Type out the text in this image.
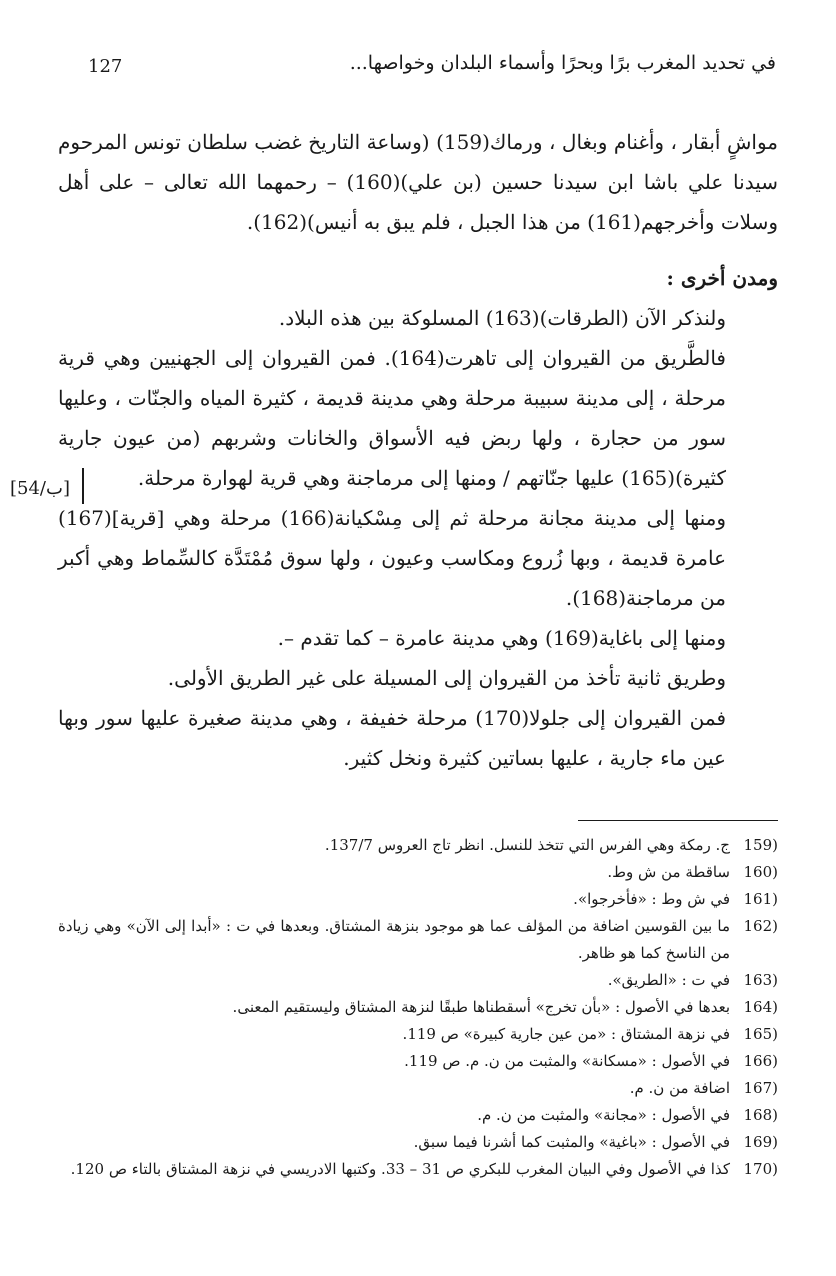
في تحديد المغرب برًا وبحرًا وأسماء البلدان وخواصها...
127
[54/ب]

مواشٍ أبقار ، وأغنام وبغال ، ورماك(159) (وساعة التاريخ غضب سلطان تونس المرحوم سيدنا علي باشا ابن سيدنا حسين (بن علي)(160) – رحمهما الله تعالى – على أهل وسلات وأخرجهم(161) من هذا الجبل ، فلم يبق به أنيس)(162).

ومدن أخرى :

ولنذكر الآن (الطرقات)(163) المسلوكة بين هذه البلاد.

فالطَّريق من القيروان إلى تاهرت(164). فمن القيروان إلى الجهنيين وهي قرية مرحلة ، إلى مدينة سبيبة مرحلة وهي مدينة قديمة ، كثيرة المياه والجنّات ، وعليها سور من حجارة ، ولها ربض فيه الأسواق والخانات وشربهم (من عيون جارية كثيرة)(165) عليها جنّاتهم / ومنها إلى مرماجنة وهي قرية لهوارة مرحلة.

ومنها إلى مدينة مجانة مرحلة ثم إلى مِسْكيانة(166) مرحلة وهي [قرية](167) عامرة قديمة ، وبها زُروع ومكاسب وعيون ، ولها سوق مُمْتَدَّة كالسِّماط وهي أكبر من مرماجنة(168).

ومنها إلى باغاية(169) وهي مدينة عامرة – كما تقدم –.

وطريق ثانية تأخذ من القيروان إلى المسيلة على غير الطريق الأولى.

فمن القيروان إلى جلولا(170) مرحلة خفيفة ، وهي مدينة صغيرة عليها سور وبها عين ماء جارية ، عليها بساتين كثيرة ونخل كثير.

(159
ج. رمكة وهي الفرس التي تتخذ للنسل. انظر تاج العروس 137/7.
(160
ساقطة من ش وط.
(161
في ش وط : «فأخرجوا».
(162
ما بين القوسين اضافة من المؤلف عما هو موجود بنزهة المشتاق. وبعدها في ت : «أبدا إلى الآن» وهي زيادة من الناسخ كما هو ظاهر.
(163
في ت : «الطريق».
(164
بعدها في الأصول : «بأن تخرج» أسقطناها طبقًا لنزهة المشتاق وليستقيم المعنى.
(165
في نزهة المشتاق : «من عين جارية كبيرة» ص 119.
(166
في الأصول : «مسكانة» والمثبت من ن. م. ص 119.
(167
اضافة من ن. م.
(168
في الأصول : «مجانة» والمثبت من ن. م.
(169
في الأصول : «باغية» والمثبت كما أشرنا فيما سبق.
(170
كذا في الأصول وفي البيان المغرب للبكري ص 31 – 33. وكتبها الادريسي في نزهة المشتاق بالتاء ص 120.
